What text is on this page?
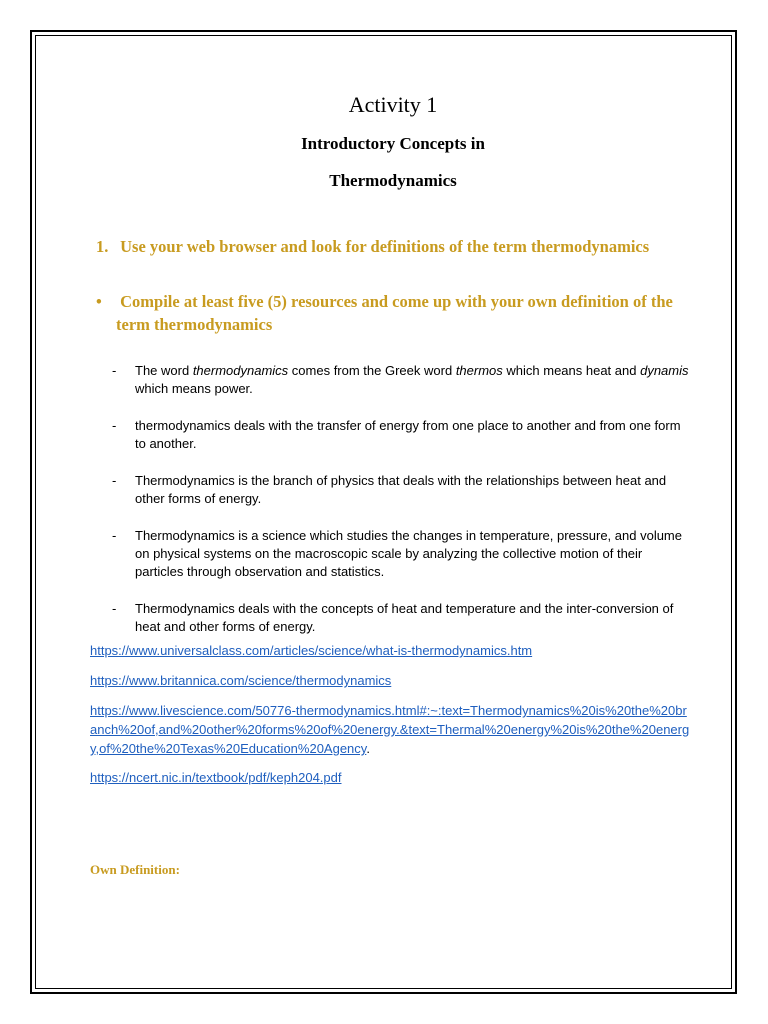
Activity 1
Introductory Concepts in
Thermodynamics
1. Use your web browser and look for definitions of the term thermodynamics
• Compile at least five (5) resources and come up with your own definition of the term thermodynamics
- The word thermodynamics comes from the Greek word thermos which means heat and dynamis which means power.
- thermodynamics deals with the transfer of energy from one place to another and from one form to another.
- Thermodynamics is the branch of physics that deals with the relationships between heat and other forms of energy.
- Thermodynamics is a science which studies the changes in temperature, pressure, and volume on physical systems on the macroscopic scale by analyzing the collective motion of their particles through observation and statistics.
- Thermodynamics deals with the concepts of heat and temperature and the inter-conversion of heat and other forms of energy.
https://www.universalclass.com/articles/science/what-is-thermodynamics.htm
https://www.britannica.com/science/thermodynamics
https://www.livescience.com/50776-thermodynamics.html#:~:text=Thermodynamics%20is%20the%20branch%20of,and%20other%20forms%20of%20energy.&text=Thermal%20energy%20is%20the%20energy,of%20the%20Texas%20Education%20Agency.
https://ncert.nic.in/textbook/pdf/keph204.pdf
Own Definition:
